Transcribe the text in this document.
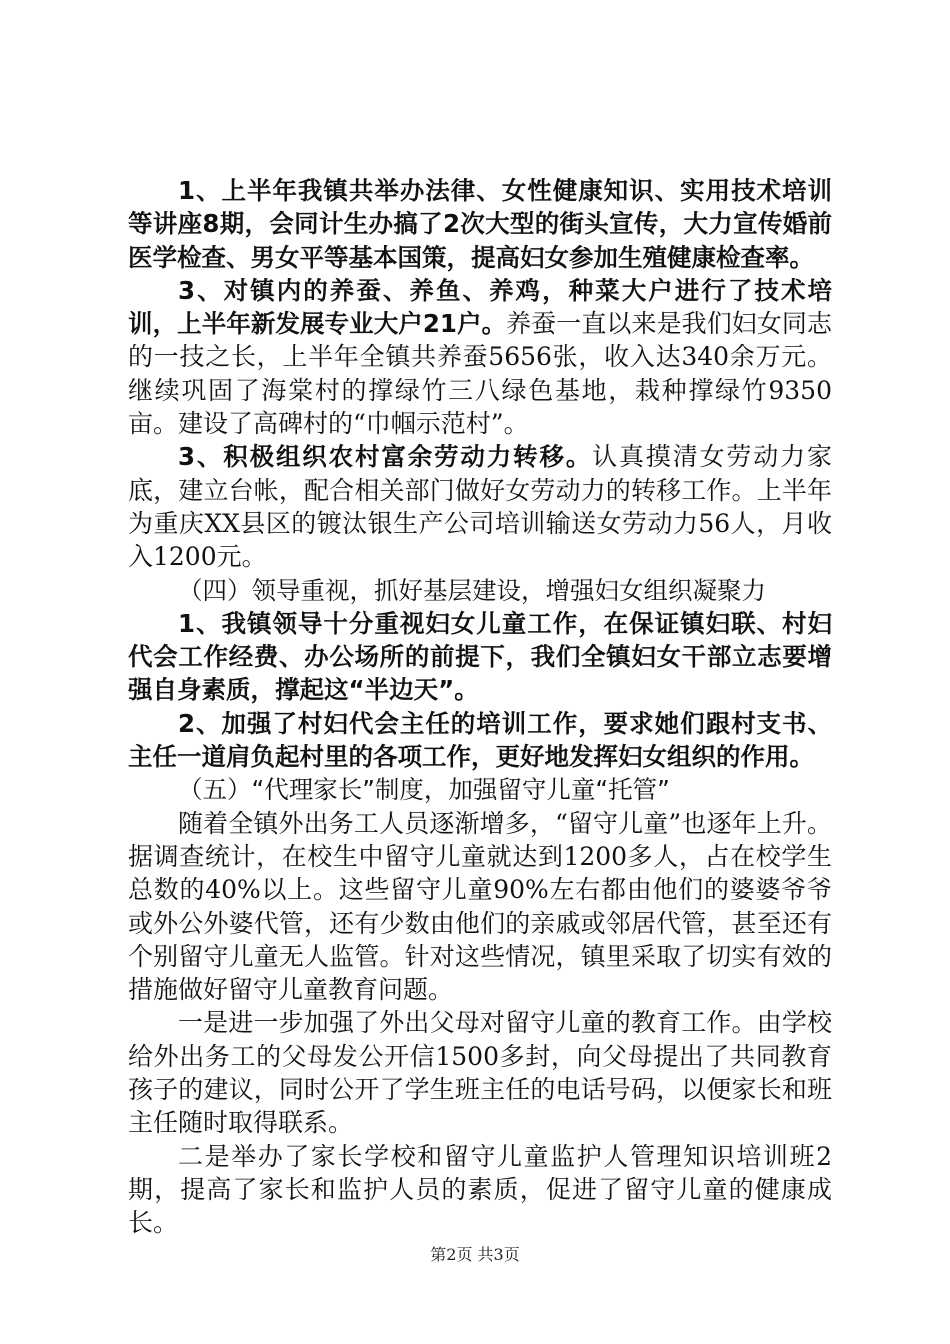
1、上半年我镇共举办法律、女性健康知识、实用技术培训等讲座8期，会同计生办搞了2次大型的街头宣传，大力宣传婚前医学检查、男女平等基本国策，提高妇女参加生殖健康检查率。

3、对镇内的养蚕、养鱼、养鸡，种菜大户进行了技术培训，上半年新发展专业大户21户。养蚕一直以来是我们妇女同志的一技之长，上半年全镇共养蚕5656张，收入达340余万元。继续巩固了海棠村的撑绿竹三八绿色基地，栽种撑绿竹9350亩。建设了高碑村的“巾帼示范村”。

3、积极组织农村富余劳动力转移。认真摸清女劳动力家底，建立台帐，配合相关部门做好女劳动力的转移工作。上半年为重庆XX县区的镀汰银生产公司培训输送女劳动力56人，月收入1200元。

（四）领导重视，抓好基层建设，增强妇女组织凝聚力

1、我镇领导十分重视妇女儿童工作，在保证镇妇联、村妇代会工作经费、办公场所的前提下，我们全镇妇女干部立志要增强自身素质，撑起这“半边天”。

2、加强了村妇代会主任的培训工作，要求她们跟村支书、主任一道肩负起村里的各项工作，更好地发挥妇女组织的作用。

（五）“代理家长”制度，加强留守儿童“托管”

随着全镇外出务工人员逐渐增多，“留守儿童”也逐年上升。据调查统计，在校生中留守儿童就达到1200多人，占在校学生总数的40%以上。这些留守儿童90%左右都由他们的婆婆爷爷或外公外婆代管，还有少数由他们的亲戚或邻居代管，甚至还有个别留守儿童无人监管。针对这些情况，镇里采取了切实有效的措施做好留守儿童教育问题。

一是进一步加强了外出父母对留守儿童的教育工作。由学校给外出务工的父母发公开信1500多封，向父母提出了共同教育孩子的建议，同时公开了学生班主任的电话号码，以便家长和班主任随时取得联系。

二是举办了家长学校和留守儿童监护人管理知识培训班2期，提高了家长和监护人员的素质，促进了留守儿童的健康成长。

第2页 共3页
